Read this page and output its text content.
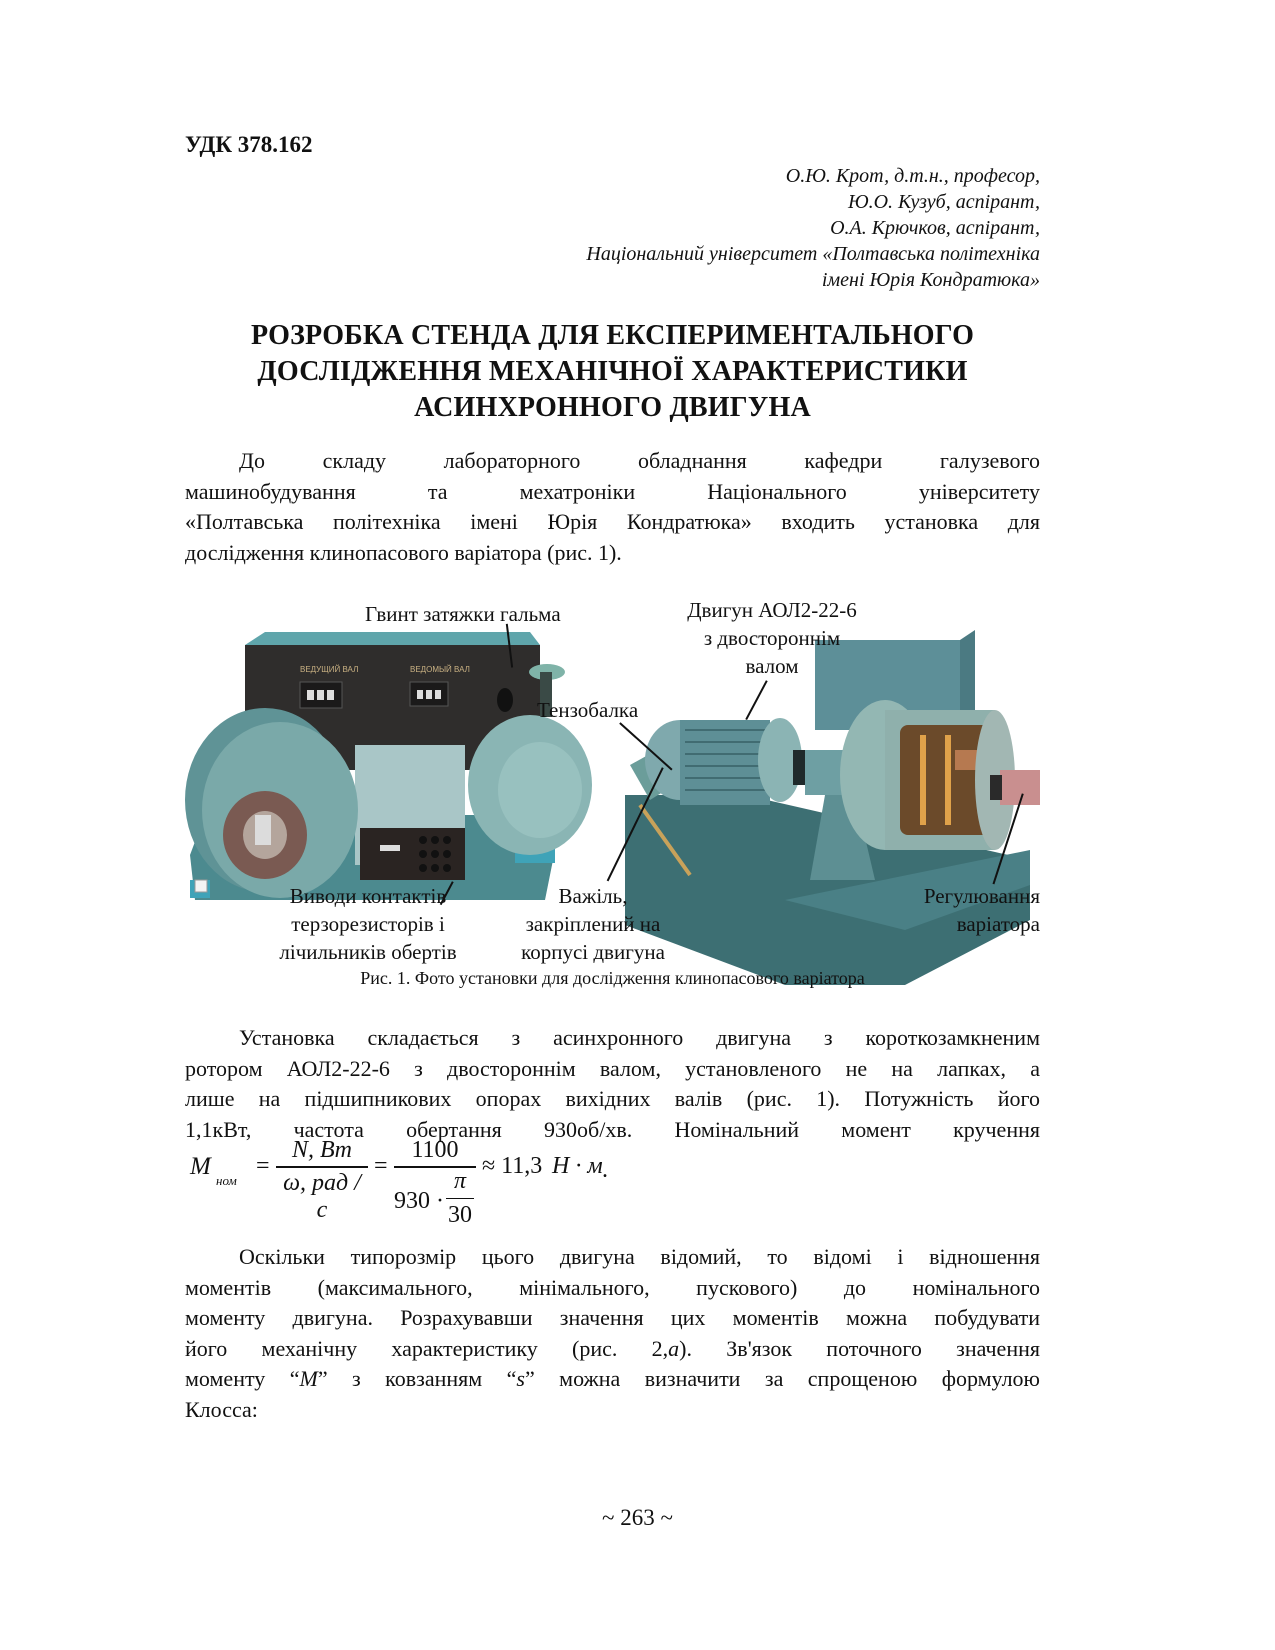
УДК 378.162
О.Ю. Крот, д.т.н., професор,
Ю.О. Кузуб, аспірант,
О.А. Крючков, аспірант,
Національний університет «Полтавська політехніка
імені Юрія Кондратюка»
РОЗРОБКА СТЕНДА ДЛЯ ЕКСПЕРИМЕНТАЛЬНОГО
ДОСЛІДЖЕННЯ МЕХАНІЧНОЇ ХАРАКТЕРИСТИКИ
АСИНХРОННОГО ДВИГУНА
До складу лабораторного обладнання кафедри галузевого
машинобудування та мехатроніки Національного університету
«Полтавська політехніка імені Юрія Кондратюка» входить установка для
дослідження клинопасового варіатора (рис. 1).
ВЕДУЩИЙ ВАЛ	ВЕДОМЫЙ ВАЛ
Гвинт затяжки гальма	Двигун АОЛ2-22-6
з двостороннім
валом
Тензобалка
Виводи контактів
терзорезисторів і
лічильників обертів
Важіль,
закріплений на
корпусі двигуна
Регулювання
варіатора
Рис. 1. Фото установки для дослідження клинопасового варіатора
Установка складається з асинхронного двигуна з короткозамкненим
ротором АОЛ2-22-6 з двостороннім валом, установленого не на лапках, а
лише на підшипникових опорах вихідних валів (рис. 1). Потужність його
1,1кВт, частота обертання 930об/хв. Номінальний момент кручення
M
ном
=
N, Bm
ω, рад / c
=
1100
930 ·
π
30
≈ 11,3 H · м .
Оскільки типорозмір цього двигуна відомий, то відомі і відношення
моментів (максимального, мінімального, пускового) до номінального
моменту двигуна. Розрахувавши значення цих моментів можна побудувати
його механічну характеристику (рис. 2,a). Зв'язок поточного значення
моменту “M” з ковзанням “s” можна визначити за спрощеною формулою
Клосса:
~ 263 ~
